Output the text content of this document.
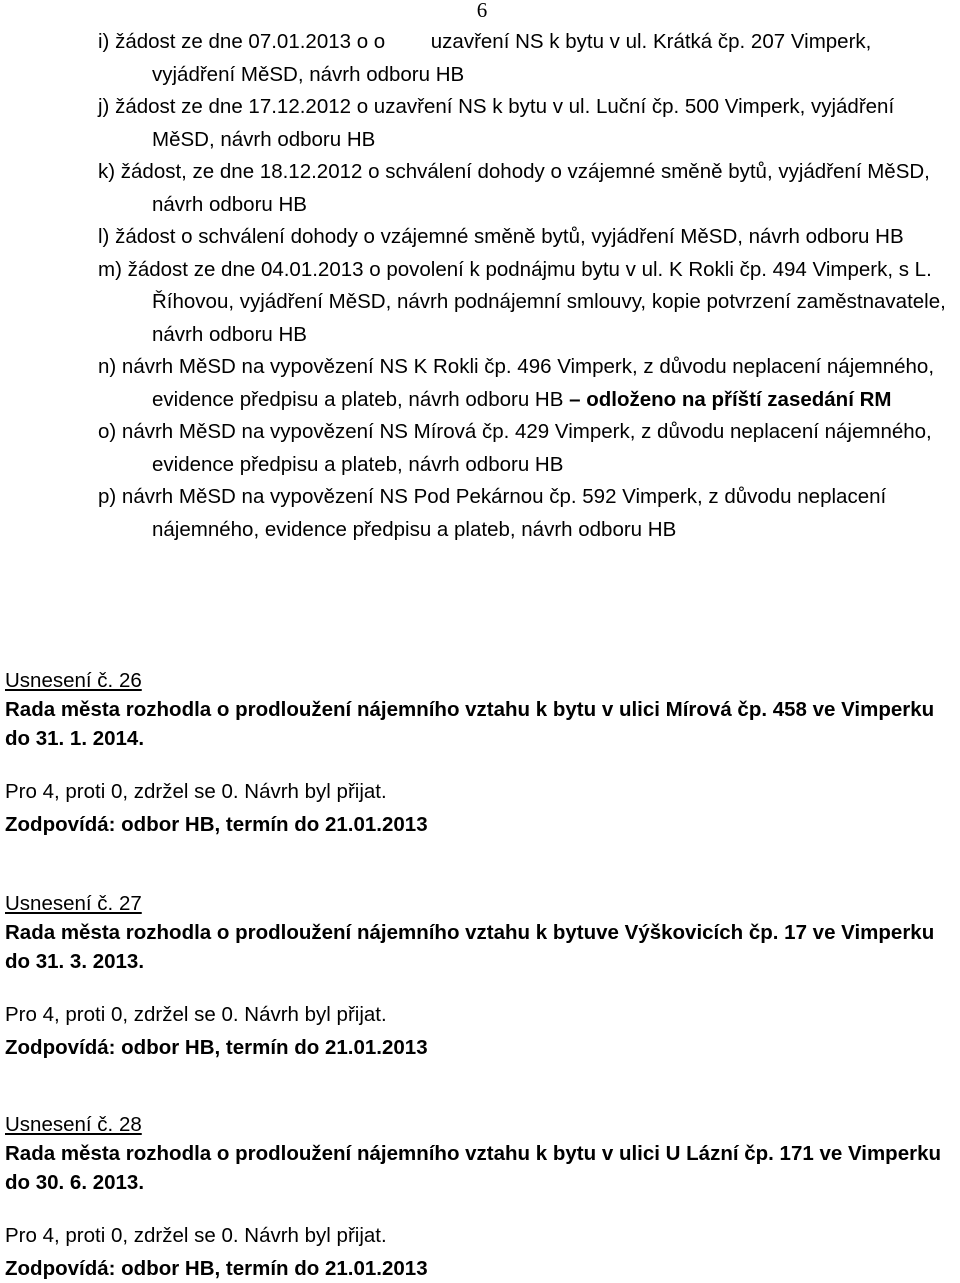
6

i) žádost ze dne 07.01.2013 o o        uzavření NS k bytu v ul. Krátká čp. 207 Vimperk, vyjádření MěSD, návrh odboru HB

j) žádost ze dne 17.12.2012 o uzavření NS k bytu v ul. Luční čp. 500 Vimperk, vyjádření MěSD, návrh odboru HB

k) žádost, ze dne 18.12.2012 o schválení dohody o vzájemné směně bytů, vyjádření MěSD, návrh odboru HB

l) žádost o schválení dohody o vzájemné směně bytů, vyjádření MěSD, návrh odboru HB

m) žádost ze dne 04.01.2013 o povolení k podnájmu bytu v ul. K Rokli čp. 494 Vimperk, s L. Říhovou, vyjádření MěSD, návrh podnájemní smlouvy, kopie potvrzení zaměstnavatele, návrh odboru HB

n) návrh MěSD na vypovězení NS K Rokli čp. 496 Vimperk, z důvodu neplacení nájemného, evidence předpisu a plateb, návrh odboru HB – odloženo na příští zasedání RM

o) návrh MěSD na vypovězení NS Mírová čp. 429 Vimperk, z důvodu neplacení nájemného, evidence předpisu a plateb, návrh odboru HB

p) návrh MěSD na vypovězení NS Pod Pekárnou čp. 592 Vimperk, z důvodu neplacení nájemného, evidence předpisu a plateb, návrh odboru HB

Usnesení č. 26

Rada města rozhodla o prodloužení nájemního vztahu k bytu v ulici Mírová čp. 458 ve Vimperku do 31. 1. 2014.

Pro 4, proti 0, zdržel se 0. Návrh byl přijat.

Zodpovídá: odbor HB, termín do 21.01.2013

Usnesení č. 27

Rada města rozhodla o prodloužení nájemního vztahu k bytuve Výškovicích čp. 17 ve Vimperku do 31. 3. 2013.

Pro 4, proti 0, zdržel se 0. Návrh byl přijat.

Zodpovídá: odbor HB, termín do 21.01.2013

Usnesení č. 28

Rada města rozhodla o prodloužení nájemního vztahu k bytu v ulici U Lázní čp. 171 ve Vimperku do 30. 6. 2013.

Pro 4, proti 0, zdržel se 0. Návrh byl přijat.

Zodpovídá: odbor HB, termín do 21.01.2013
